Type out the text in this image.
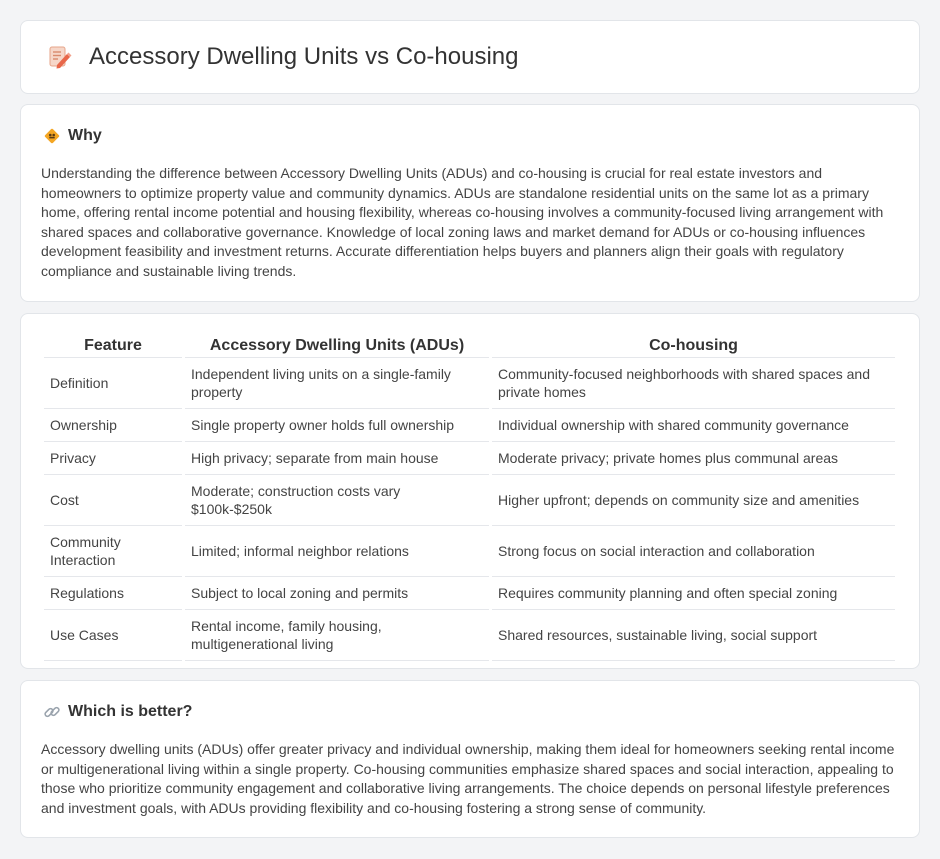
Accessory Dwelling Units vs Co-housing
Why

Understanding the difference between Accessory Dwelling Units (ADUs) and co-housing is crucial for real estate investors and homeowners to optimize property value and community dynamics. ADUs are standalone residential units on the same lot as a primary home, offering rental income potential and housing flexibility, whereas co-housing involves a community-focused living arrangement with shared spaces and collaborative governance. Knowledge of local zoning laws and market demand for ADUs or co-housing influences development feasibility and investment returns. Accurate differentiation helps buyers and planners align their goals with regulatory compliance and sustainable living trends.

Feature	Accessory Dwelling Units (ADUs)	Co-housing
Definition	Independent living units on a single-family property	Community-focused neighborhoods with shared spaces and private homes
Ownership	Single property owner holds full ownership	Individual ownership with shared community governance
Privacy	High privacy; separate from main house	Moderate privacy; private homes plus communal areas
Cost	Moderate; construction costs vary $100k-$250k	Higher upfront; depends on community size and amenities
Community Interaction	Limited; informal neighbor relations	Strong focus on social interaction and collaboration
Regulations	Subject to local zoning and permits	Requires community planning and often special zoning
Use Cases	Rental income, family housing, multigenerational living	Shared resources, sustainable living, social support
Which is better?

Accessory dwelling units (ADUs) offer greater privacy and individual ownership, making them ideal for homeowners seeking rental income or multigenerational living within a single property. Co-housing communities emphasize shared spaces and social interaction, appealing to those who prioritize community engagement and collaborative living arrangements. The choice depends on personal lifestyle preferences and investment goals, with ADUs providing flexibility and co-housing fostering a strong sense of community.
